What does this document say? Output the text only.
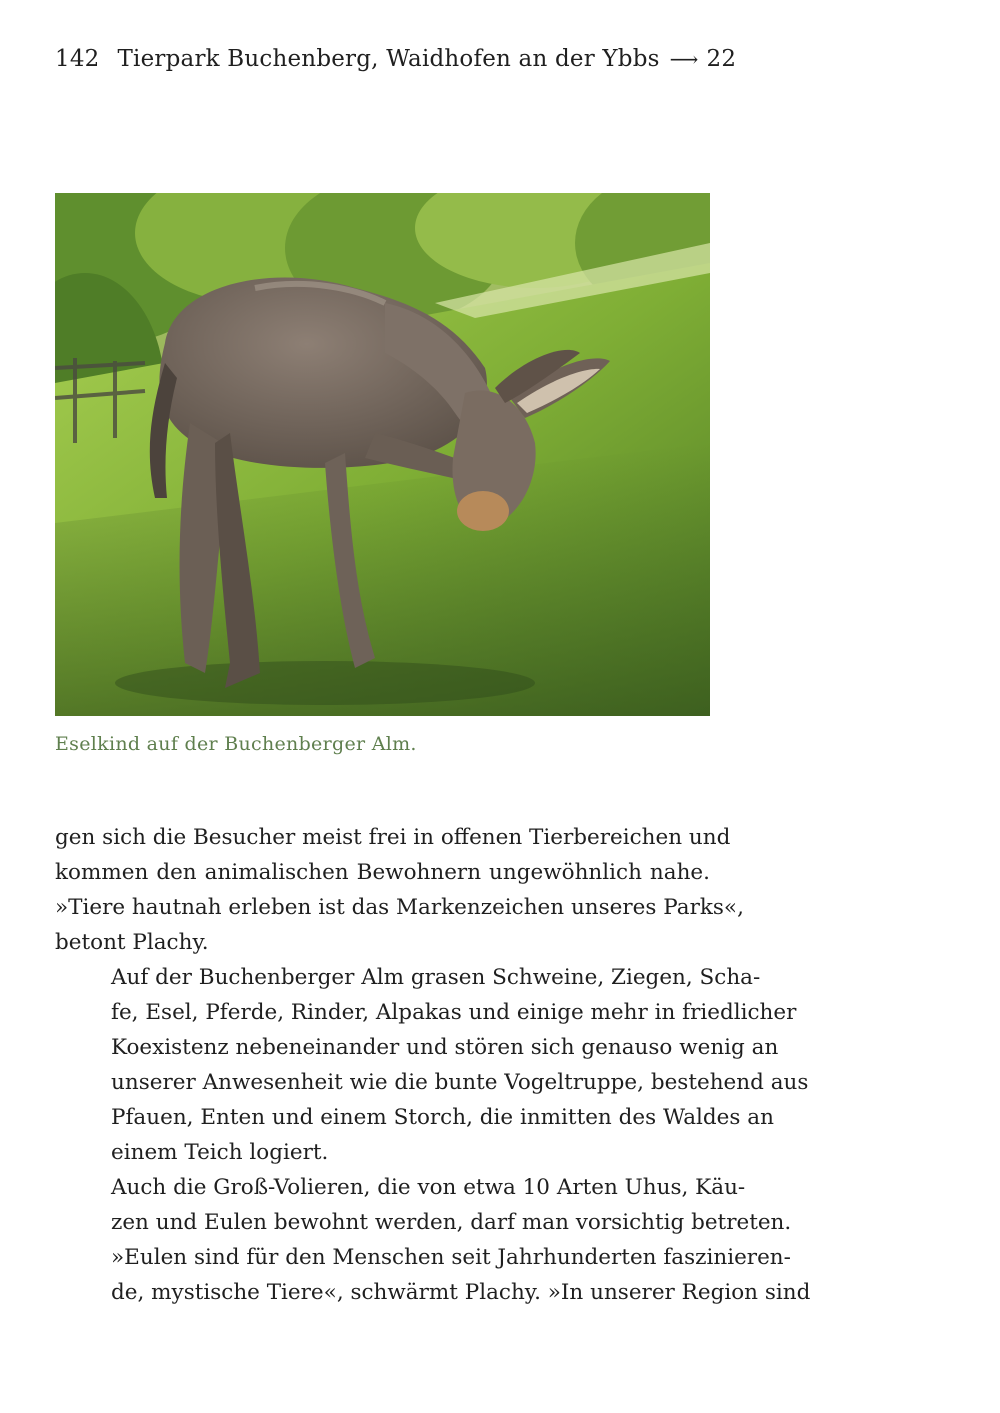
142 Tierpark Buchenberg, Waidhofen an der Ybbs ⟶ 22
Eselkind auf der Buchenberger Alm.

gen sich die Besucher meist frei in offenen Tierbereichen und
kommen den animalischen Bewohnern ungewöhnlich nahe.
»Tiere hautnah erleben ist das Markenzeichen unseres Parks«,
betont Plachy.

Auf der Buchenberger Alm grasen Schweine, Ziegen, Scha-
fe, Esel, Pferde, Rinder, Alpakas und einige mehr in friedlicher
Koexistenz nebeneinander und stören sich genauso wenig an
unserer Anwesenheit wie die bunte Vogeltruppe, bestehend aus
Pfauen, Enten und einem Storch, die inmitten des Waldes an
einem Teich logiert.

Auch die Groß-Volieren, die von etwa 10 Arten Uhus, Käu-
zen und Eulen bewohnt werden, darf man vorsichtig betreten.
»Eulen sind für den Menschen seit Jahrhunderten faszinieren-
de, mystische Tiere«, schwärmt Plachy. »In unserer Region sind
